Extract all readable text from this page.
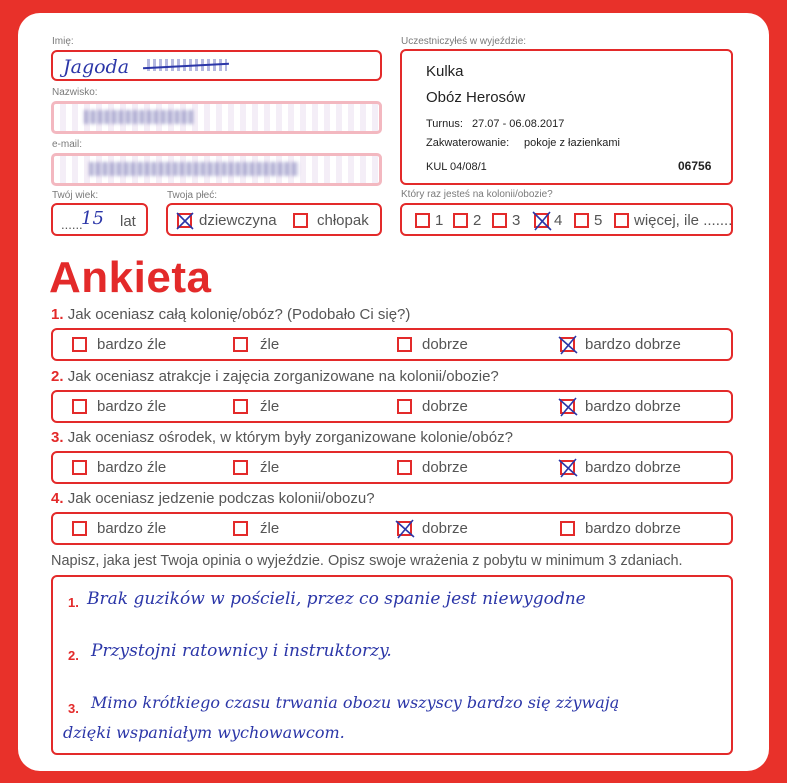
Imię:
Jagoda
Nazwisko:
e-mail:
Twój wiek:
......
15 lat
Twoja płeć:
dziewczyna	chłopak
Uczestniczyłeś w wyjeździe:
Kulka
Obóz Herosów
Turnus: 27.07 - 06.08.2017
Zakwaterowanie: pokoje z łazienkami
KUL 04/08/1	06756
Który raz jesteś na kolonii/obozie?
1 2 3 4 5 więcej, ile .......
Ankieta
1. Jak oceniasz całą kolonię/obóz? (Podobało Ci się?)
bardzo źle	źle	dobrze	bardzo dobrze
2. Jak oceniasz atrakcje i zajęcia zorganizowane na kolonii/obozie?
bardzo źle	źle	dobrze	bardzo dobrze
3. Jak oceniasz ośrodek, w którym były zorganizowane kolonie/obóz?
bardzo źle	źle	dobrze	bardzo dobrze
4. Jak oceniasz jedzenie podczas kolonii/obozu?
bardzo źle	źle	dobrze	bardzo dobrze
Napisz, jaka jest Twoja opinia o wyjeździe. Opisz swoje wrażenia z pobytu w minimum 3 zdaniach.
1. Brak guzików w pościeli, przez co spanie jest niewygodne
2. Przystojni ratownicy i instruktorzy.
3. Mimo krótkiego czasu trwania obozu wszyscy bardzo się zżywają
dzięki wspaniałym wychowawcom.
